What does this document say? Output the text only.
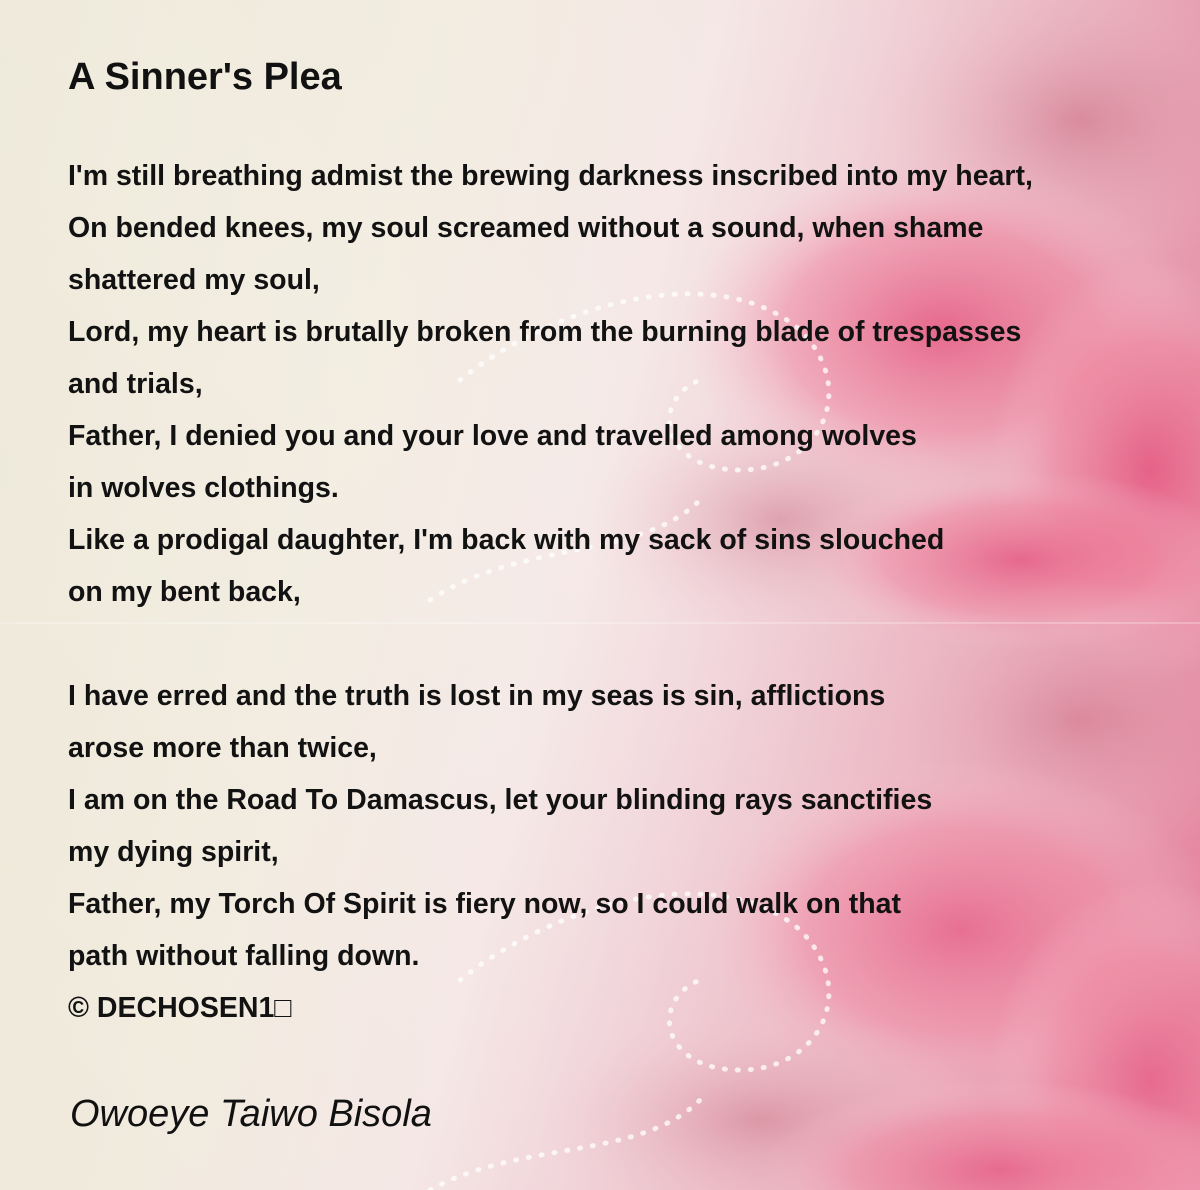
A Sinner's Plea
I'm still breathing admist the brewing darkness inscribed into my heart,
On bended knees, my soul screamed without a sound, when shame
shattered my soul,
Lord, my heart is brutally broken from the burning blade of trespasses
and trials,
Father, I denied you and your love and travelled among wolves
in wolves clothings.
Like a prodigal daughter, I'm back with my sack of sins slouched
on my bent back,
I have erred and the truth is lost in my seas is sin, afflictions
arose more than twice,
I am on the Road To Damascus, let your blinding rays sanctifies
my dying spirit,
Father, my Torch Of Spirit is fiery now, so I could walk on that
path without falling down.
© DECHOSEN1□
Owoeye Taiwo Bisola
